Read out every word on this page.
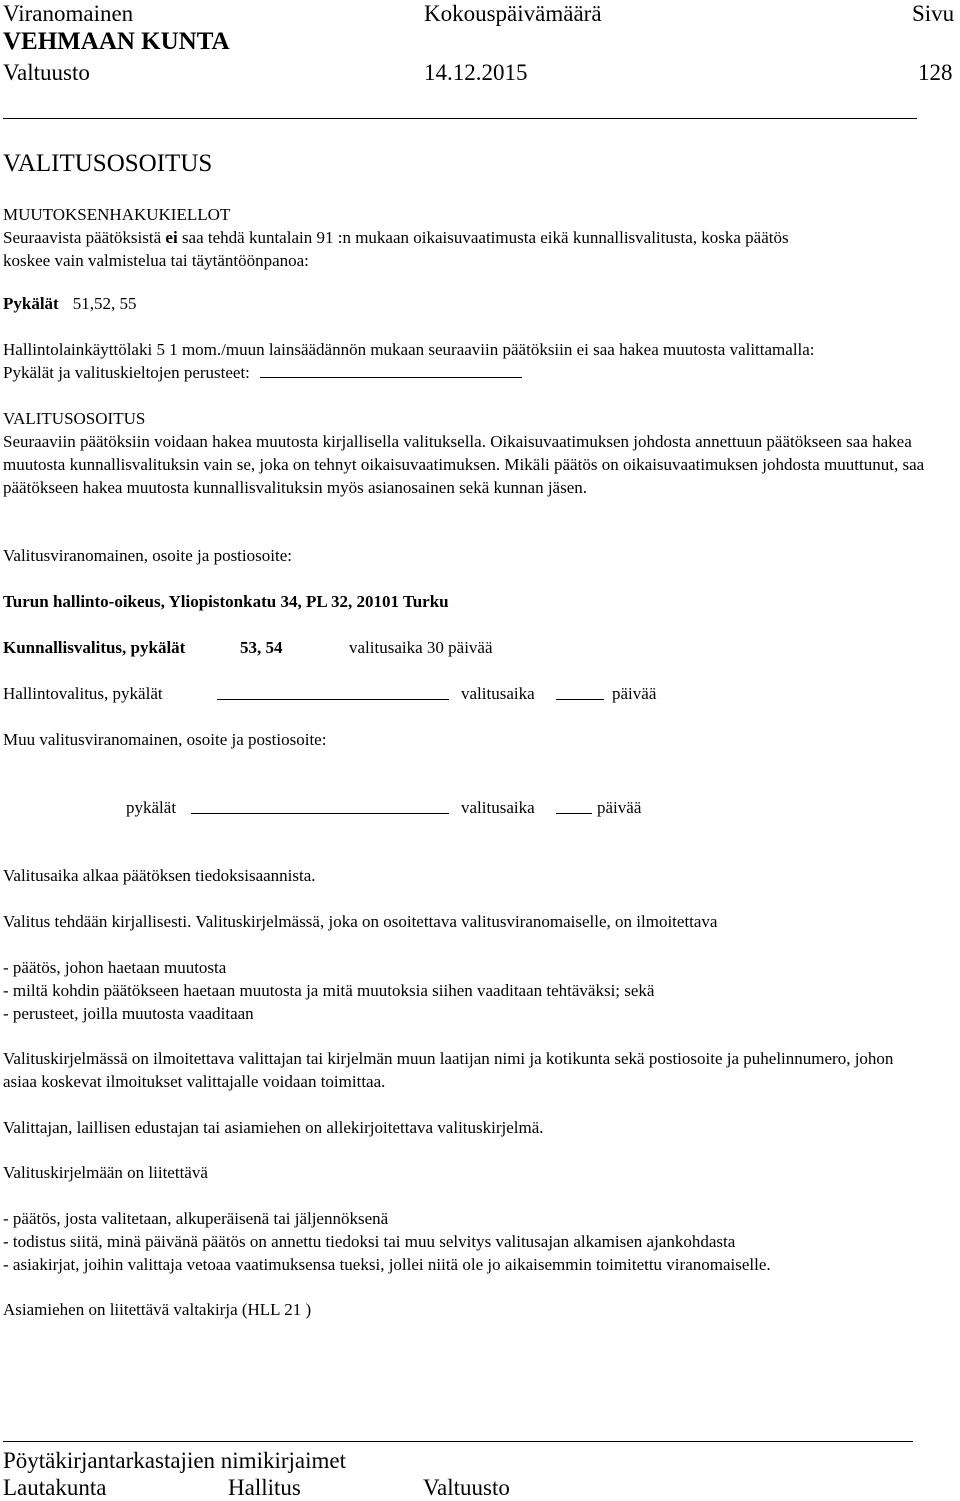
Viranomainen	Kokouspäivämäärä	Sivu
VEHMAAN KUNTA
Valtuusto	14.12.2015	128
VALITUSOSOITUS
MUUTOKSENHAKUKIELLOT
Seuraavista päätöksistä ei saa tehdä kuntalain 91 :n mukaan oikaisuvaatimusta eikä kunnallisvalitusta, koska päätös
koskee vain valmistelua tai täytäntöönpanoa:
Pykälät 51,52, 55
Hallintolainkäyttölaki 5 1 mom./muun lainsäädännön mukaan seuraaviin päätöksiin ei saa hakea muutosta valittamalla:
Pykälät ja valituskieltojen perusteet:
VALITUSOSOITUS
Seuraaviin päätöksiin voidaan hakea muutosta kirjallisella valituksella. Oikaisuvaatimuksen johdosta annettuun päätökseen saa hakea muutosta kunnallisvalituksin vain se, joka on tehnyt oikaisuvaatimuksen. Mikäli päätös on oikaisuvaatimuksen johdosta muuttunut, saa päätökseen hakea muutosta kunnallisvalituksin myös asianosainen sekä kunnan jäsen.
Valitusviranomainen, osoite ja postiosoite:
Turun hallinto-oikeus, Yliopistonkatu 34, PL 32, 20101 Turku
Kunnallisvalitus, pykälät	53, 54	valitusaika 30 päivää
Hallintovalitus, pykälät	valitusaika	päivää
Muu valitusviranomainen, osoite ja postiosoite:
pykälät	valitusaika	päivää
Valitusaika alkaa päätöksen tiedoksisaannista.
Valitus tehdään kirjallisesti. Valituskirjelmässä, joka on osoitettava valitusviranomaiselle, on ilmoitettava
- päätös, johon haetaan muutosta
- miltä kohdin päätökseen haetaan muutosta ja mitä muutoksia siihen vaaditaan tehtäväksi; sekä
- perusteet, joilla muutosta vaaditaan
Valituskirjelmässä on ilmoitettava valittajan tai kirjelmän muun laatijan nimi ja kotikunta sekä postiosoite ja puhelinnumero, johon asiaa koskevat ilmoitukset valittajalle voidaan toimittaa.
Valittajan, laillisen edustajan tai asiamiehen on allekirjoitettava valituskirjelmä.
Valituskirjelmään on liitettävä
- päätös, josta valitetaan, alkuperäisenä tai jäljennöksenä
- todistus siitä, minä päivänä päätös on annettu tiedoksi tai muu selvitys valitusajan alkamisen ajankohdasta
- asiakirjat, joihin valittaja vetoaa vaatimuksensa tueksi, jollei niitä ole jo aikaisemmin toimitettu viranomaiselle.
Asiamiehen on liitettävä valtakirja (HLL 21 )
Pöytäkirjantarkastajien nimikirjaimet
Lautakunta	Hallitus	Valtuusto
